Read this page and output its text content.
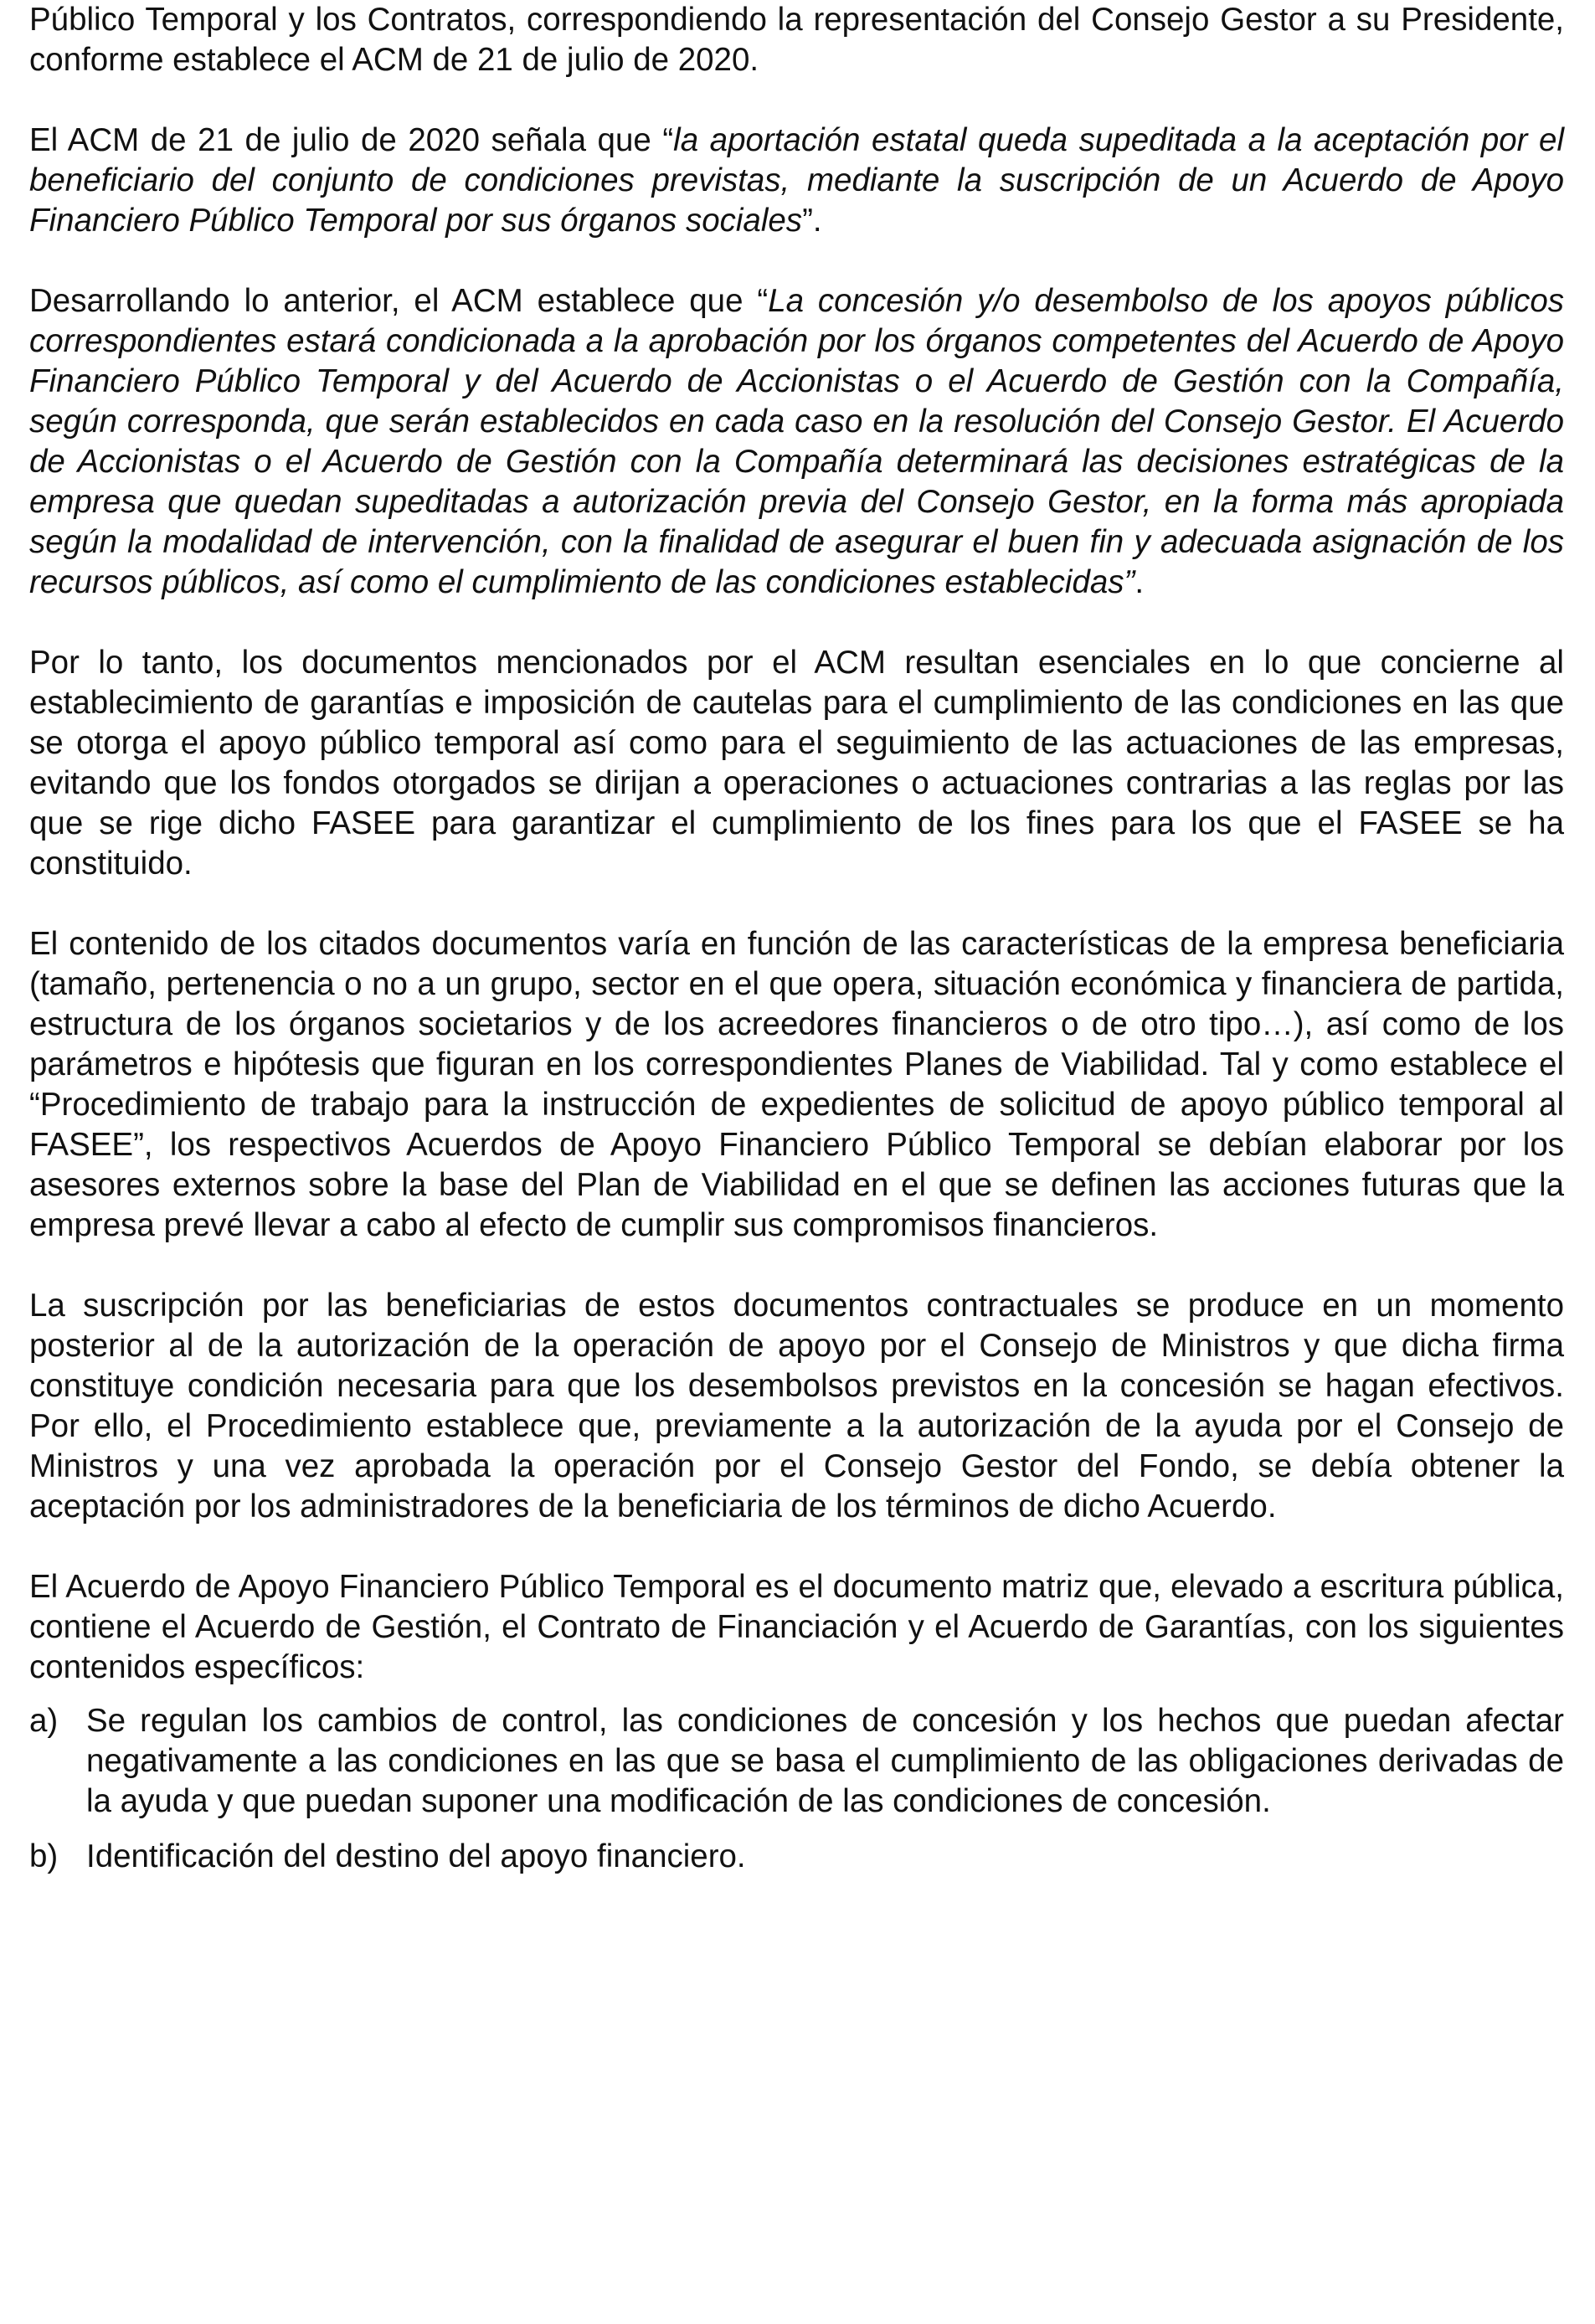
Público Temporal y los Contratos, correspondiendo la representación del Consejo Gestor a su Presidente, conforme establece el ACM de 21 de julio de 2020.

El ACM de 21 de julio de 2020 señala que “la aportación estatal queda supeditada a la aceptación por el beneficiario del conjunto de condiciones previstas, mediante la suscripción de un Acuerdo de Apoyo Financiero Público Temporal por sus órganos sociales”.

Desarrollando lo anterior, el ACM establece que “La concesión y/o desembolso de los apoyos públicos correspondientes estará condicionada a la aprobación por los órganos competentes del Acuerdo de Apoyo Financiero Público Temporal y del Acuerdo de Accionistas o el Acuerdo de Gestión con la Compañía, según corresponda, que serán establecidos en cada caso en la resolución del Consejo Gestor. El Acuerdo de Accionistas o el Acuerdo de Gestión con la Compañía determinará las decisiones estratégicas de la empresa que quedan supeditadas a autorización previa del Consejo Gestor, en la forma más apropiada según la modalidad de intervención, con la finalidad de asegurar el buen fin y adecuada asignación de los recursos públicos, así como el cumplimiento de las condiciones establecidas”.

Por lo tanto, los documentos mencionados por el ACM resultan esenciales en lo que concierne al establecimiento de garantías e imposición de cautelas para el cumplimiento de las condiciones en las que se otorga el apoyo público temporal así como para el seguimiento de las actuaciones de las empresas, evitando que los fondos otorgados se dirijan a operaciones o actuaciones contrarias a las reglas por las que se rige dicho FASEE para garantizar el cumplimiento de los fines para los que el FASEE se ha constituido.

El contenido de los citados documentos varía en función de las características de la empresa beneficiaria (tamaño, pertenencia o no a un grupo, sector en el que opera, situación económica y financiera de partida, estructura de los órganos societarios y de los acreedores financieros o de otro tipo…), así como de los parámetros e hipótesis que figuran en los correspondientes Planes de Viabilidad. Tal y como establece el “Procedimiento de trabajo para la instrucción de expedientes de solicitud de apoyo público temporal al FASEE”, los respectivos Acuerdos de Apoyo Financiero Público Temporal se debían elaborar por los asesores externos sobre la base del Plan de Viabilidad en el que se definen las acciones futuras que la empresa prevé llevar a cabo al efecto de cumplir sus compromisos financieros.

La suscripción por las beneficiarias de estos documentos contractuales se produce en un momento posterior al de la autorización de la operación de apoyo por el Consejo de Ministros y que dicha firma constituye condición necesaria para que los desembolsos previstos en la concesión se hagan efectivos. Por ello, el Procedimiento establece que, previamente a la autorización de la ayuda por el Consejo de Ministros y una vez aprobada la operación por el Consejo Gestor del Fondo, se debía obtener la aceptación por los administradores de la beneficiaria de los términos de dicho Acuerdo.

El Acuerdo de Apoyo Financiero Público Temporal es el documento matriz que, elevado a escritura pública, contiene el Acuerdo de Gestión, el Contrato de Financiación y el Acuerdo de Garantías, con los siguientes contenidos específicos:

a) Se regulan los cambios de control, las condiciones de concesión y los hechos que puedan afectar negativamente a las condiciones en las que se basa el cumplimiento de las obligaciones derivadas de la ayuda y que puedan suponer una modificación de las condiciones de concesión.
b) Identificación del destino del apoyo financiero.
